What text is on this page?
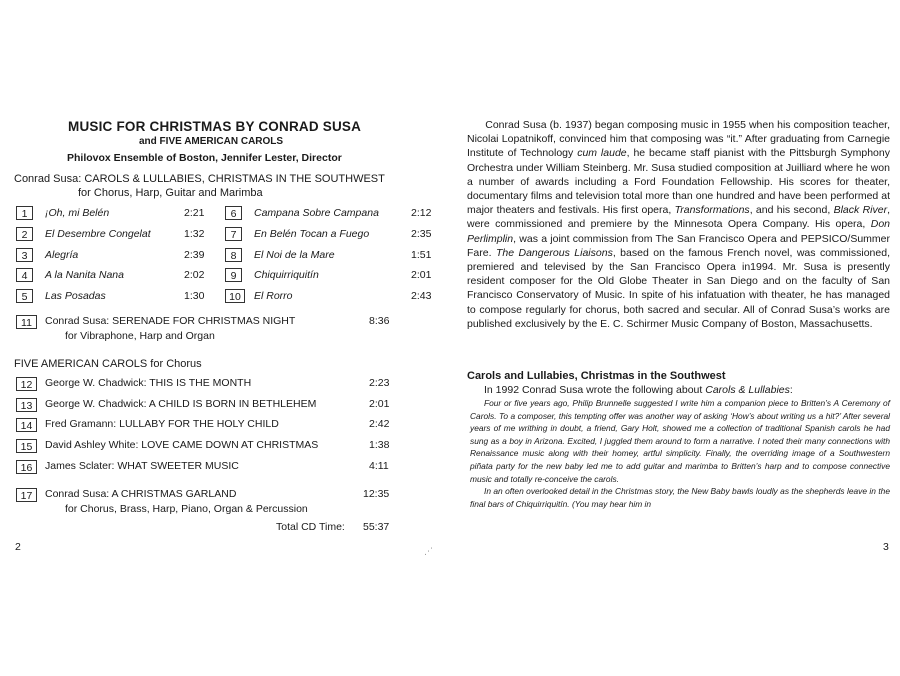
MUSIC FOR CHRISTMAS BY CONRAD SUSA
and FIVE AMERICAN CAROLS
Philovox Ensemble of Boston, Jennifer Lester, Director
Conrad Susa: CAROLS & LULLABIES, CHRISTMAS IN THE SOUTHWEST
for Chorus, Harp, Guitar and Marimba
1	¡Oh, mi Belén	2:21
2	El Desembre Congelat	1:32
3	Alegría	2:39
4	A la Nanita Nana	2:02
5	Las Posadas	1:30
6	Campana Sobre Campana	2:12
7	En Belén Tocan a Fuego	2:35
8	El Noi de la Mare	1:51
9	Chiquirriquitín	2:01
10	El Rorro	2:43
11	Conrad Susa: SERENADE FOR CHRISTMAS NIGHT
for Vibraphone, Harp and Organ
8:36
FIVE AMERICAN CAROLS for Chorus
12	George W. Chadwick: THIS IS THE MONTH	2:23
13	George W. Chadwick: A CHILD IS BORN IN BETHLEHEM	2:01
14	Fred Gramann: LULLABY FOR THE HOLY CHILD	2:42
15	David Ashley White: LOVE CAME DOWN AT CHRISTMAS	1:38
16	James Sclater: WHAT SWEETER MUSIC	4:11
17	Conrad Susa: A CHRISTMAS GARLAND
for Chorus, Brass, Harp, Piano, Organ & Percussion
12:35
Total CD Time: 55:37
2	⋰
Conrad Susa (b. 1937) began composing music in 1955 when his composition teacher, Nicolai Lopatnikoff, convinced him that composing was “it.” After graduating from Carnegie Institute of Technology cum laude, he became staff pianist with the Pittsburgh Symphony Orchestra under William Steinberg. Mr. Susa studied composition at Juilliard where he won a number of awards including a Ford Foundation Fellowship. His scores for theater, documentary films and television total more than one hundred and have been performed at major theaters and festivals. His first opera, Transformations, and his second, Black River, were commissioned and premiere by the Minnesota Opera Company. His opera, Don Perlimplin, was a joint commission from The San Francisco Opera and PEPSICO/Summer Fare. The Dangerous Liaisons, based on the famous French novel, was commissioned, premiered and televised by the San Francisco Opera in1994. Mr. Susa is presently resident composer for the Old Globe Theater in San Diego and on the faculty of San Francisco Conservatory of Music. In spite of his infatuation with theater, he has managed to compose regularly for chorus, both sacred and secular. All of Conrad Susa’s works are published exclusively by the E. C. Schirmer Music Company of Boston, Massachusetts.
Carols and Lullabies, Christmas in the Southwest
In 1992 Conrad Susa wrote the following about Carols & Lullabies:

Four or five years ago, Philip Brunnelle suggested I write him a companion piece to Britten’s A Ceremony of Carols. To a composer, this tempting offer was another way of asking ‘How’s about writing us a hit?’ After several years of me writhing in doubt, a friend, Gary Holt, showed me a collection of traditional Spanish carols he had sung as a boy in Arizona. Excited, I juggled them around to form a narrative. I noted their many connections with Renaissance music along with their homey, artful simplicity. Finally, the overriding image of a Southwestern piñata party for the new baby led me to add guitar and marimba to Britten’s harp and to compose connective music and totally re-conceive the carols.

In an often overlooked detail in the Christmas story, the New Baby bawls loudly as the shepherds leave in the final bars of Chiquirriquitín. (You may hear him in

3
